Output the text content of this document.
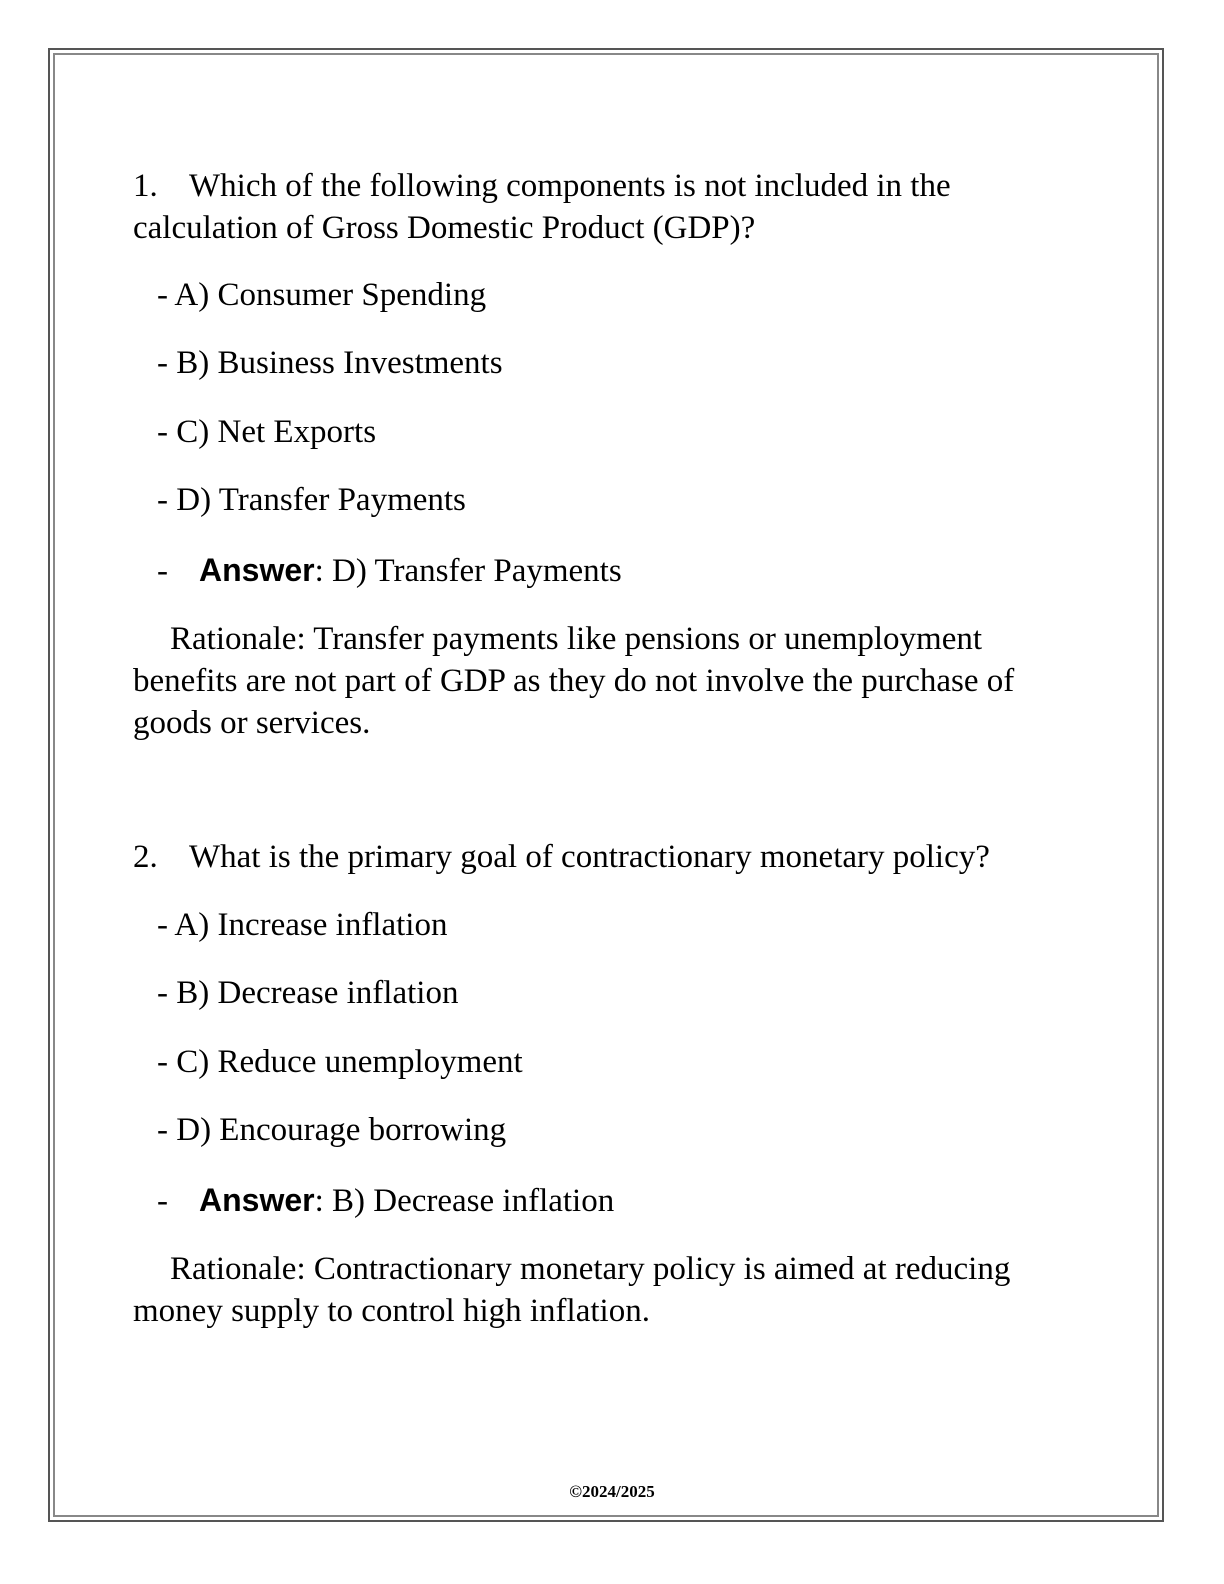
1. Which of the following components is not included in the calculation of Gross Domestic Product (GDP)?
- A) Consumer Spending
- B) Business Investments
- C) Net Exports
- D) Transfer Payments
- Answer: D) Transfer Payments
Rationale: Transfer payments like pensions or unemployment benefits are not part of GDP as they do not involve the purchase of goods or services.
2. What is the primary goal of contractionary monetary policy?
- A) Increase inflation
- B) Decrease inflation
- C) Reduce unemployment
- D) Encourage borrowing
- Answer: B) Decrease inflation
Rationale: Contractionary monetary policy is aimed at reducing money supply to control high inflation.
©2024/2025
